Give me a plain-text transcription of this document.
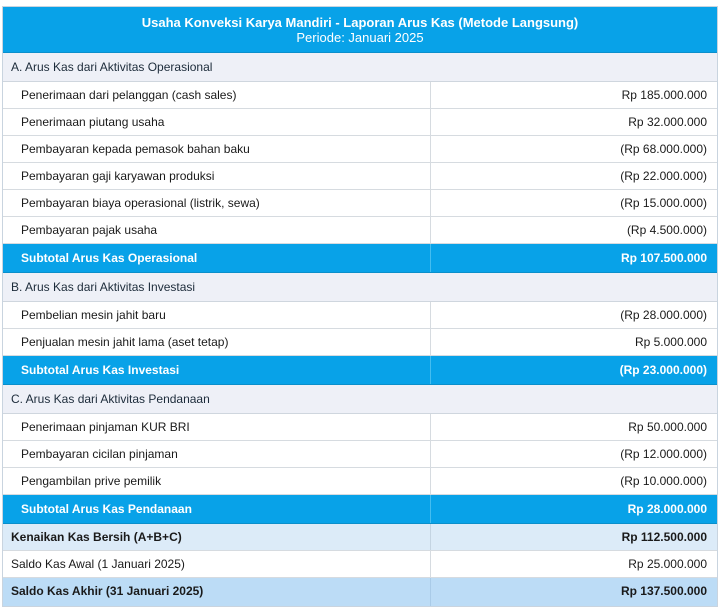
Usaha Konveksi Karya Mandiri - Laporan Arus Kas (Metode Langsung)
Periode: Januari 2025
A. Arus Kas dari Aktivitas Operasional
Penerimaan dari pelanggan (cash sales)	Rp 185.000.000
Penerimaan piutang usaha	Rp 32.000.000
Pembayaran kepada pemasok bahan baku	(Rp 68.000.000)
Pembayaran gaji karyawan produksi	(Rp 22.000.000)
Pembayaran biaya operasional (listrik, sewa)	(Rp 15.000.000)
Pembayaran pajak usaha	(Rp 4.500.000)
Subtotal Arus Kas Operasional	Rp 107.500.000
B. Arus Kas dari Aktivitas Investasi
Pembelian mesin jahit baru	(Rp 28.000.000)
Penjualan mesin jahit lama (aset tetap)	Rp 5.000.000
Subtotal Arus Kas Investasi	(Rp 23.000.000)
C. Arus Kas dari Aktivitas Pendanaan
Penerimaan pinjaman KUR BRI	Rp 50.000.000
Pembayaran cicilan pinjaman	(Rp 12.000.000)
Pengambilan prive pemilik	(Rp 10.000.000)
Subtotal Arus Kas Pendanaan	Rp 28.000.000
Kenaikan Kas Bersih (A+B+C)	Rp 112.500.000
Saldo Kas Awal (1 Januari 2025)	Rp 25.000.000
Saldo Kas Akhir (31 Januari 2025)	Rp 137.500.000
